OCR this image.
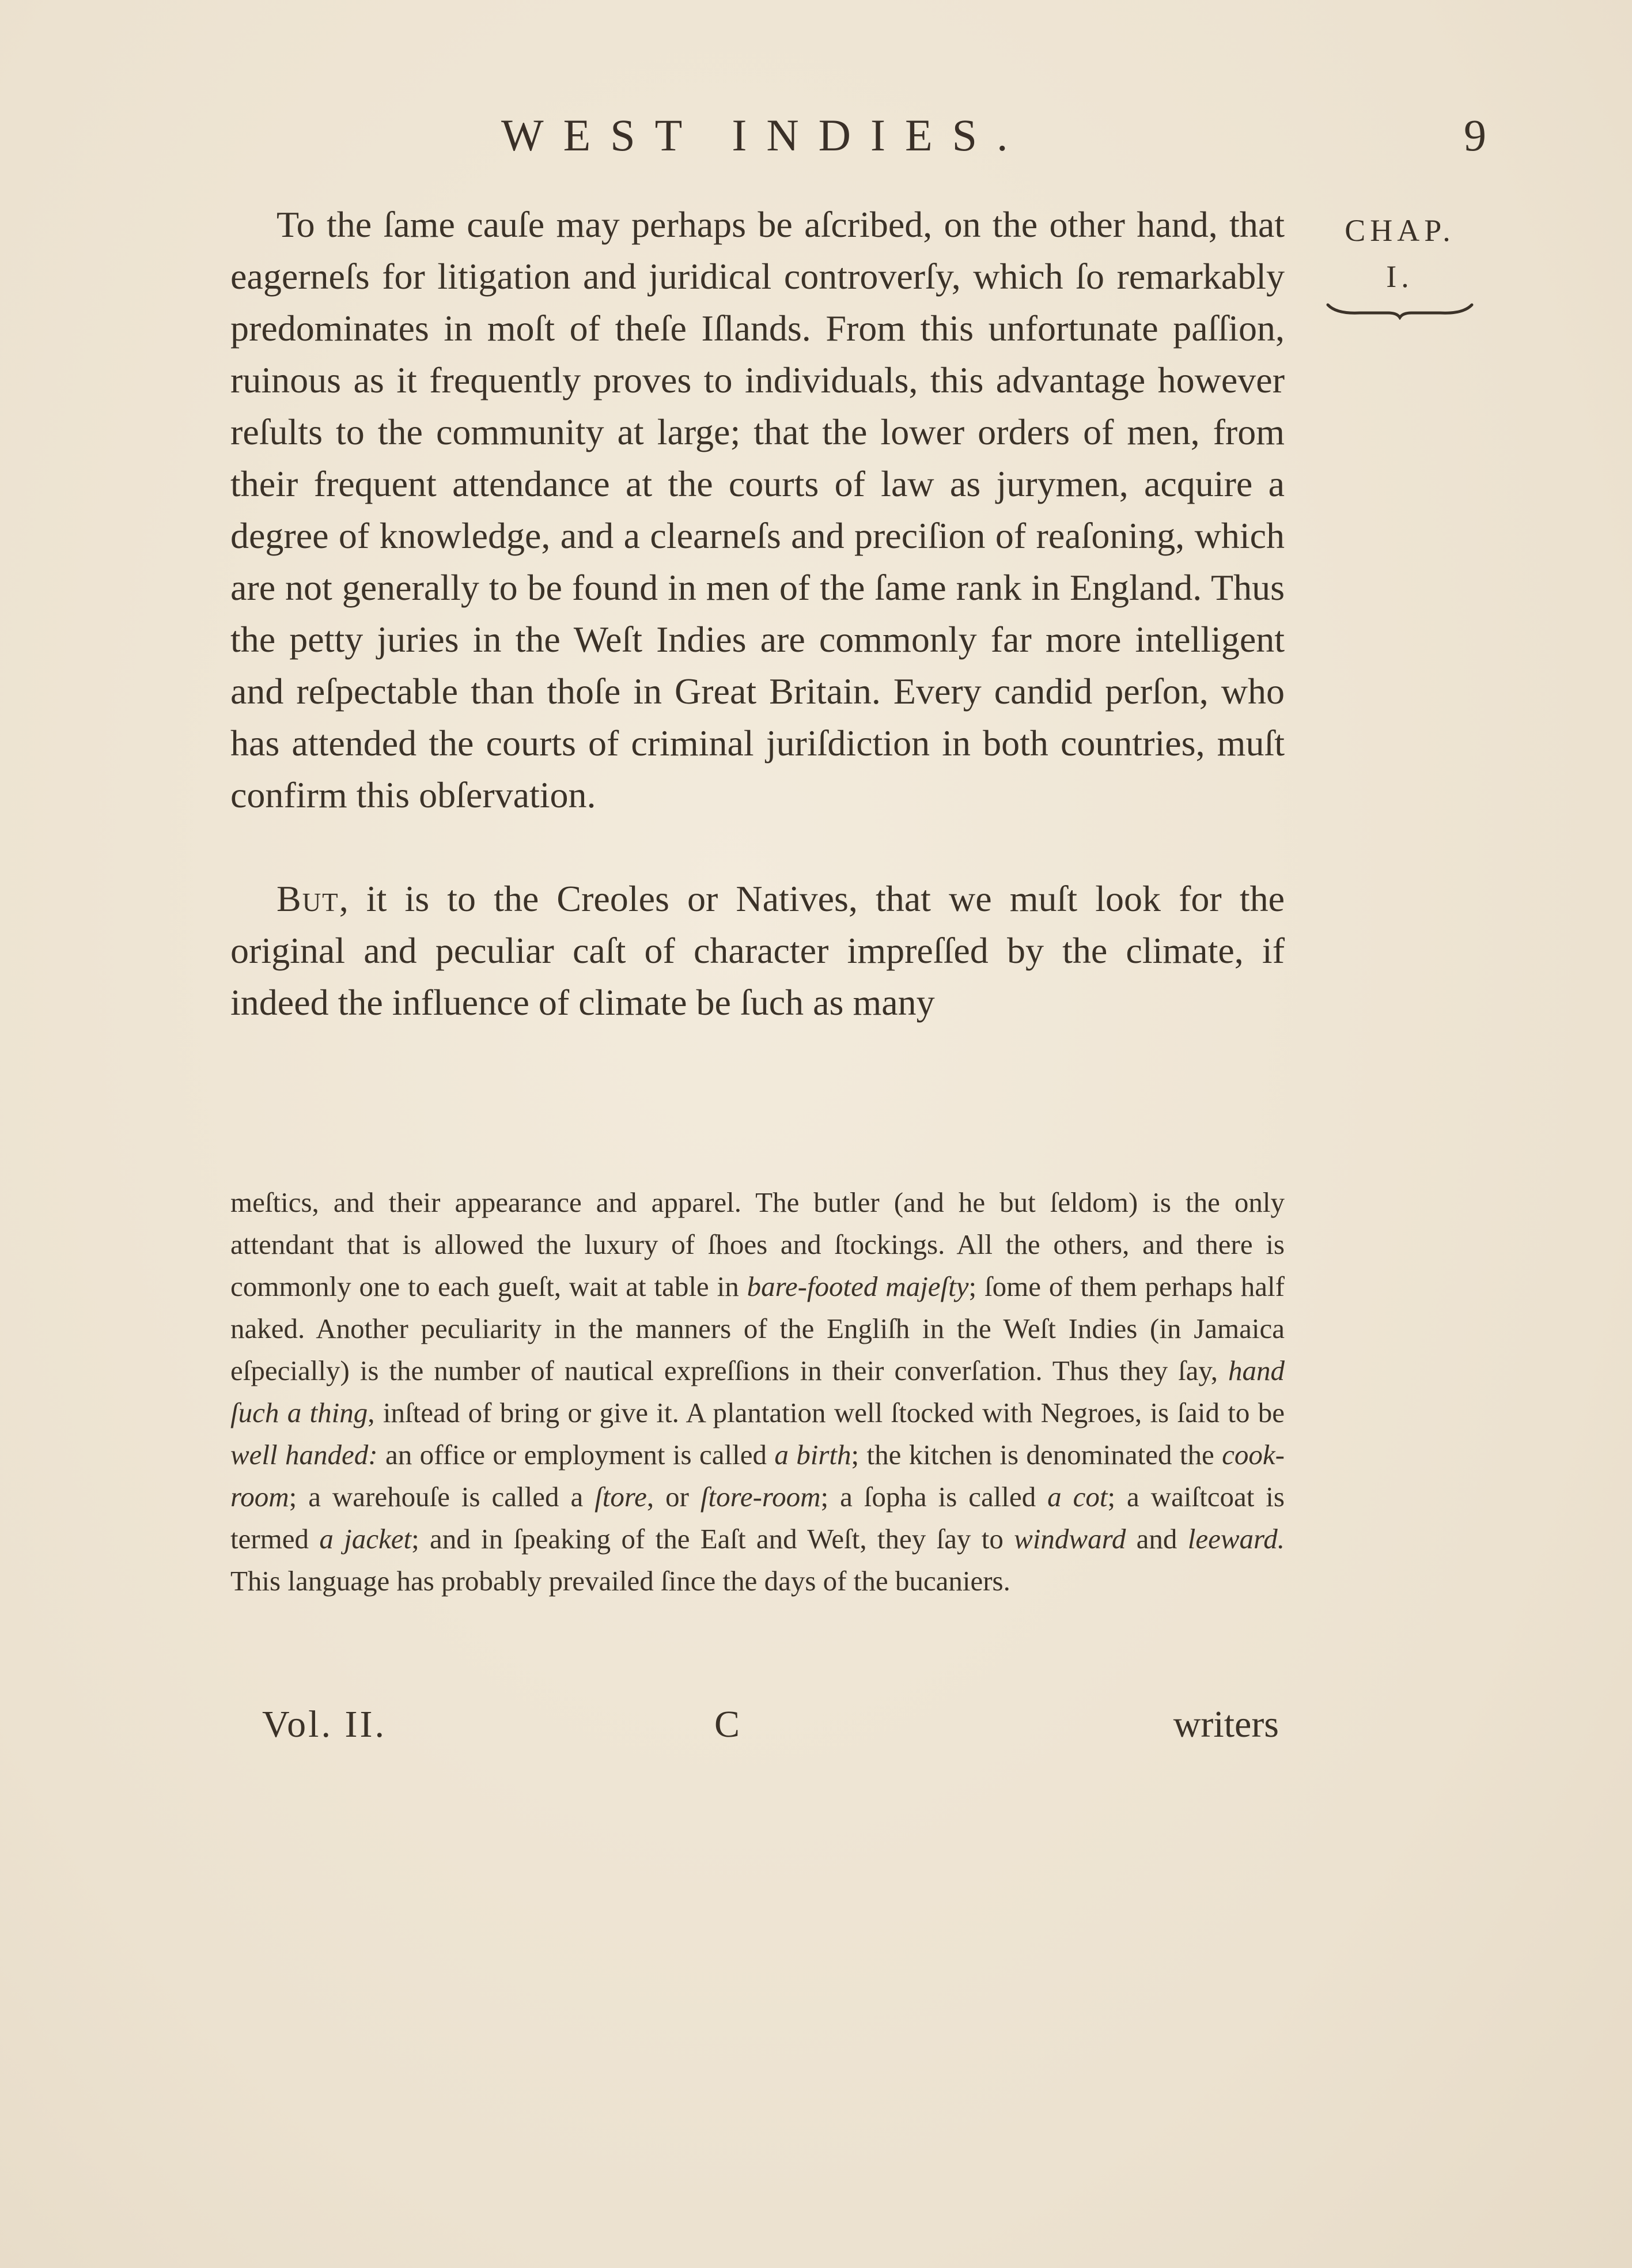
WEST INDIES.	9
CHAP.
I.

To the ſame cauſe may perhaps be aſcribed, on the other hand, that eagerneſs for litigation and juridical controverſy, which ſo remarkably predominates in moſt of theſe Iſlands. From this unfortunate paſſion, ruinous as it frequently proves to individuals, this advantage however reſults to the community at large; that the lower orders of men, from their frequent attendance at the courts of law as jurymen, acquire a degree of knowledge, and a clearneſs and preciſion of reaſoning, which are not generally to be found in men of the ſame rank in England. Thus the petty juries in the Weſt Indies are commonly far more intelligent and reſpectable than thoſe in Great Britain. Every candid perſon, who has attended the courts of criminal juriſdiction in both countries, muſt confirm this obſervation.

But, it is to the Creoles or Natives, that we muſt look for the original and peculiar caſt of character impreſſed by the climate, if indeed the influence of climate be ſuch as many

meſtics, and their appearance and apparel. The butler (and he but ſeldom) is the only attendant that is allowed the luxury of ſhoes and ſtockings. All the others, and there is commonly one to each gueſt, wait at table in bare-footed majeſty; ſome of them perhaps half naked. Another peculiarity in the manners of the Engliſh in the Weſt Indies (in Jamaica eſpecially) is the number of nautical expreſſions in their converſation. Thus they ſay, hand ſuch a thing, inſtead of bring or give it. A plantation well ſtocked with Negroes, is ſaid to be well handed: an office or employment is called a birth; the kitchen is denominated the cook-room; a warehouſe is called a ſtore, or ſtore-room; a ſopha is called a cot; a waiſtcoat is termed a jacket; and in ſpeaking of the Eaſt and Weſt, they ſay to windward and leeward. This language has probably prevailed ſince the days of the bucaniers.

Vol. II.	C	writers
